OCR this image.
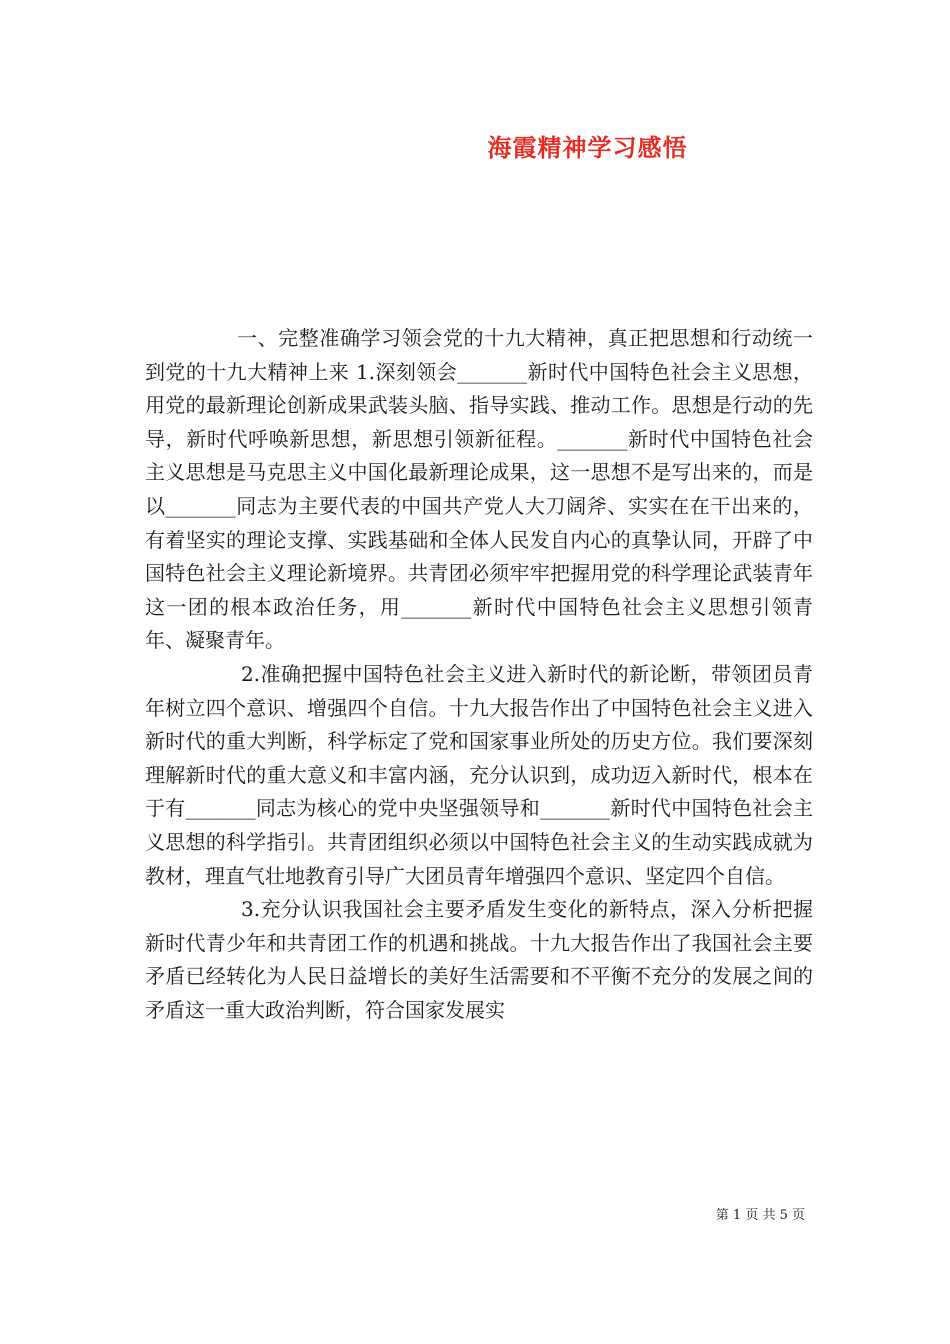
海霞精神学习感悟

一、完整准确学习领会党的十九大精神，真正把思想和行动统一到党的十九大精神上来 1.深刻领会_______新时代中国特色社会主义思想，用党的最新理论创新成果武装头脑、指导实践、推动工作。思想是行动的先导，新时代呼唤新思想，新思想引领新征程。_______新时代中国特色社会主义思想是马克思主义中国化最新理论成果，这一思想不是写出来的，而是以_______同志为主要代表的中国共产党人大刀阔斧、实实在在干出来的，有着坚实的理论支撑、实践基础和全体人民发自内心的真挚认同，开辟了中国特色社会主义理论新境界。共青团必须牢牢把握用党的科学理论武装青年这一团的根本政治任务，用_______新时代中国特色社会主义思想引领青年、凝聚青年。

2.准确把握中国特色社会主义进入新时代的新论断，带领团员青年树立四个意识、增强四个自信。十九大报告作出了中国特色社会主义进入新时代的重大判断，科学标定了党和国家事业所处的历史方位。我们要深刻理解新时代的重大意义和丰富内涵，充分认识到，成功迈入新时代，根本在于有_______同志为核心的党中央坚强领导和_______新时代中国特色社会主义思想的科学指引。共青团组织必须以中国特色社会主义的生动实践成就为教材，理直气壮地教育引导广大团员青年增强四个意识、坚定四个自信。

3.充分认识我国社会主要矛盾发生变化的新特点，深入分析把握新时代青少年和共青团工作的机遇和挑战。十九大报告作出了我国社会主要矛盾已经转化为人民日益增长的美好生活需要和不平衡不充分的发展之间的矛盾这一重大政治判断，符合国家发展实

第 1 页 共 5 页
